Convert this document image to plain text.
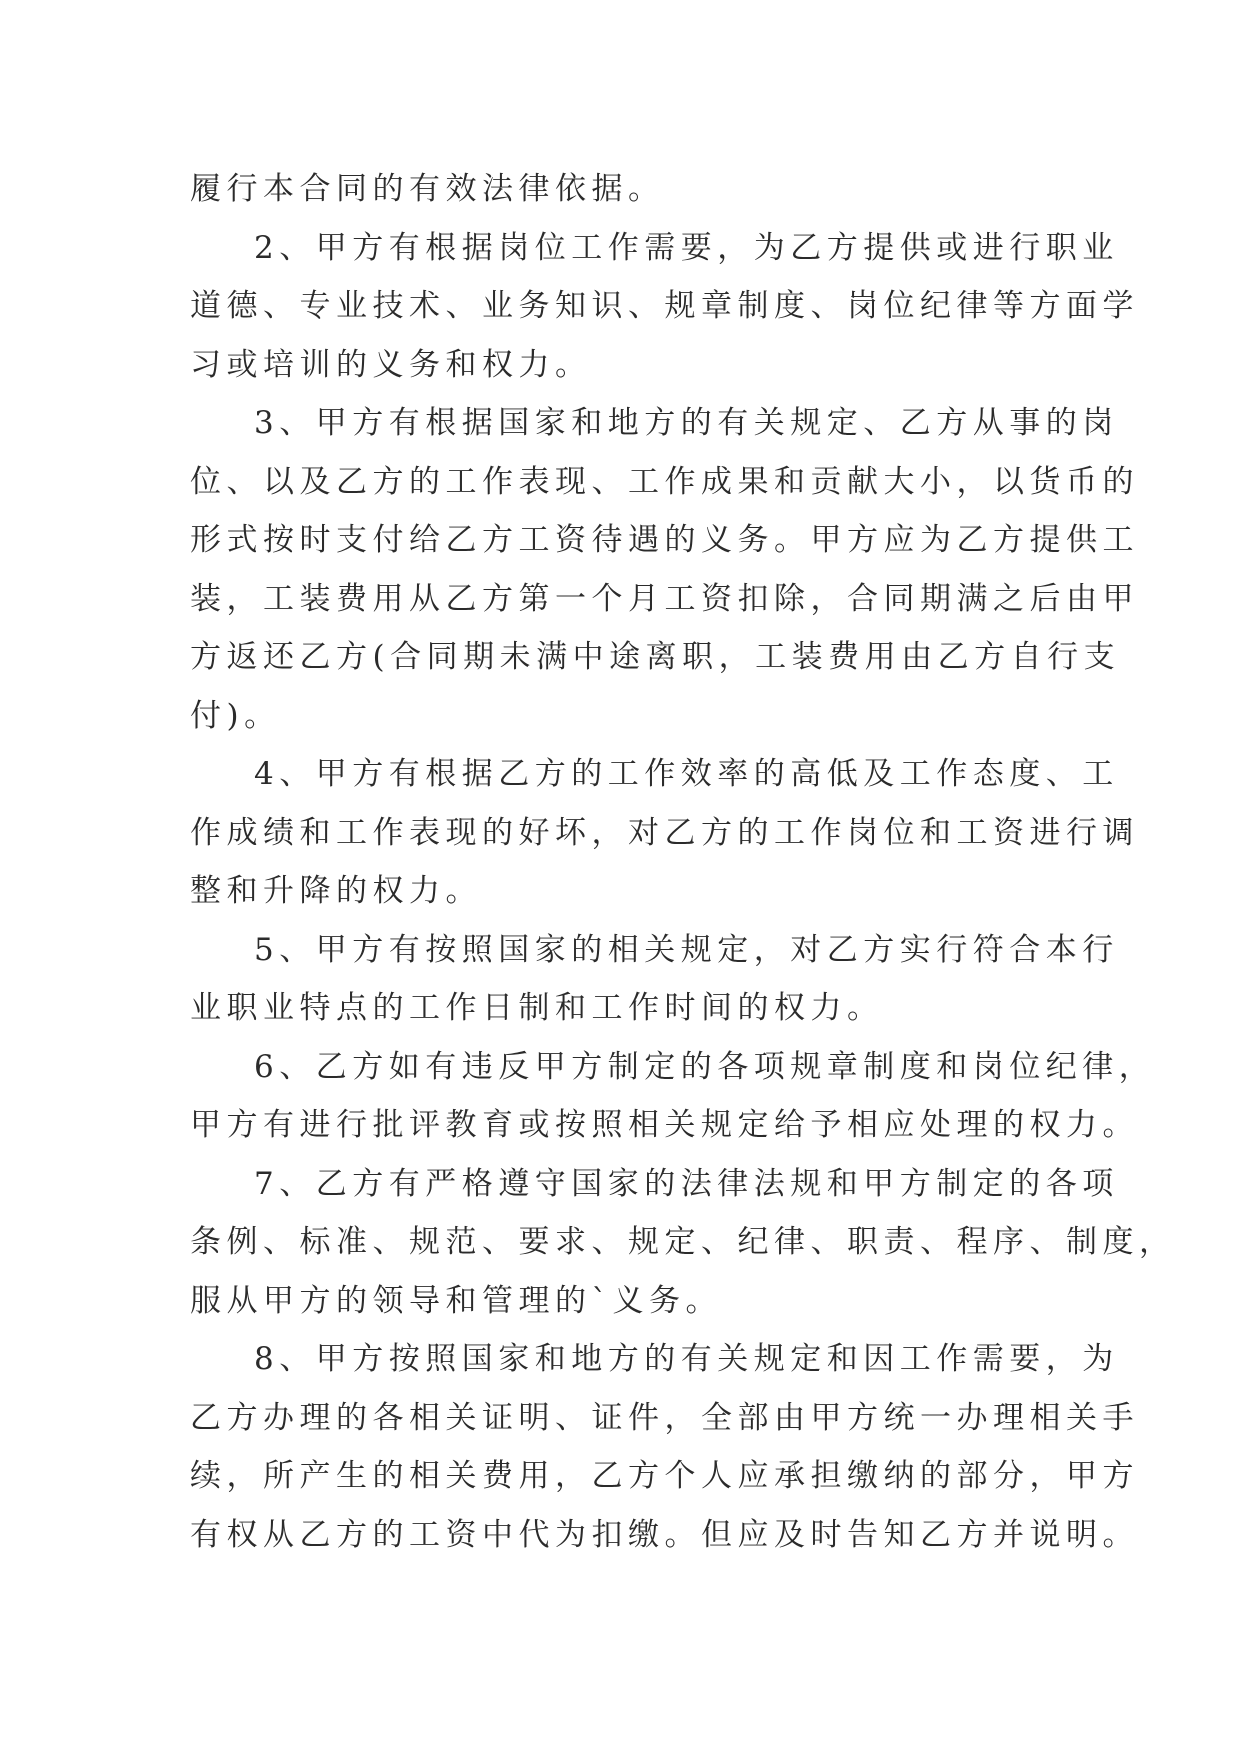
履行本合同的有效法律依据。

2、甲方有根据岗位工作需要，为乙方提供或进行职业
道德、专业技术、业务知识、规章制度、岗位纪律等方面学
习或培训的义务和权力。

3、甲方有根据国家和地方的有关规定、乙方从事的岗
位、以及乙方的工作表现、工作成果和贡献大小，以货币的
形式按时支付给乙方工资待遇的义务。甲方应为乙方提供工
装，工装费用从乙方第一个月工资扣除，合同期满之后由甲
方返还乙方(合同期未满中途离职，工装费用由乙方自行支
付)。

4、甲方有根据乙方的工作效率的高低及工作态度、工
作成绩和工作表现的好坏，对乙方的工作岗位和工资进行调
整和升降的权力。

5、甲方有按照国家的相关规定，对乙方实行符合本行
业职业特点的工作日制和工作时间的权力。

6、乙方如有违反甲方制定的各项规章制度和岗位纪律，
甲方有进行批评教育或按照相关规定给予相应处理的权力。

7、乙方有严格遵守国家的法律法规和甲方制定的各项
条例、标准、规范、要求、规定、纪律、职责、程序、制度，
服从甲方的领导和管理的`义务。

8、甲方按照国家和地方的有关规定和因工作需要，为
乙方办理的各相关证明、证件，全部由甲方统一办理相关手
续，所产生的相关费用，乙方个人应承担缴纳的部分，甲方
有权从乙方的工资中代为扣缴。但应及时告知乙方并说明。
